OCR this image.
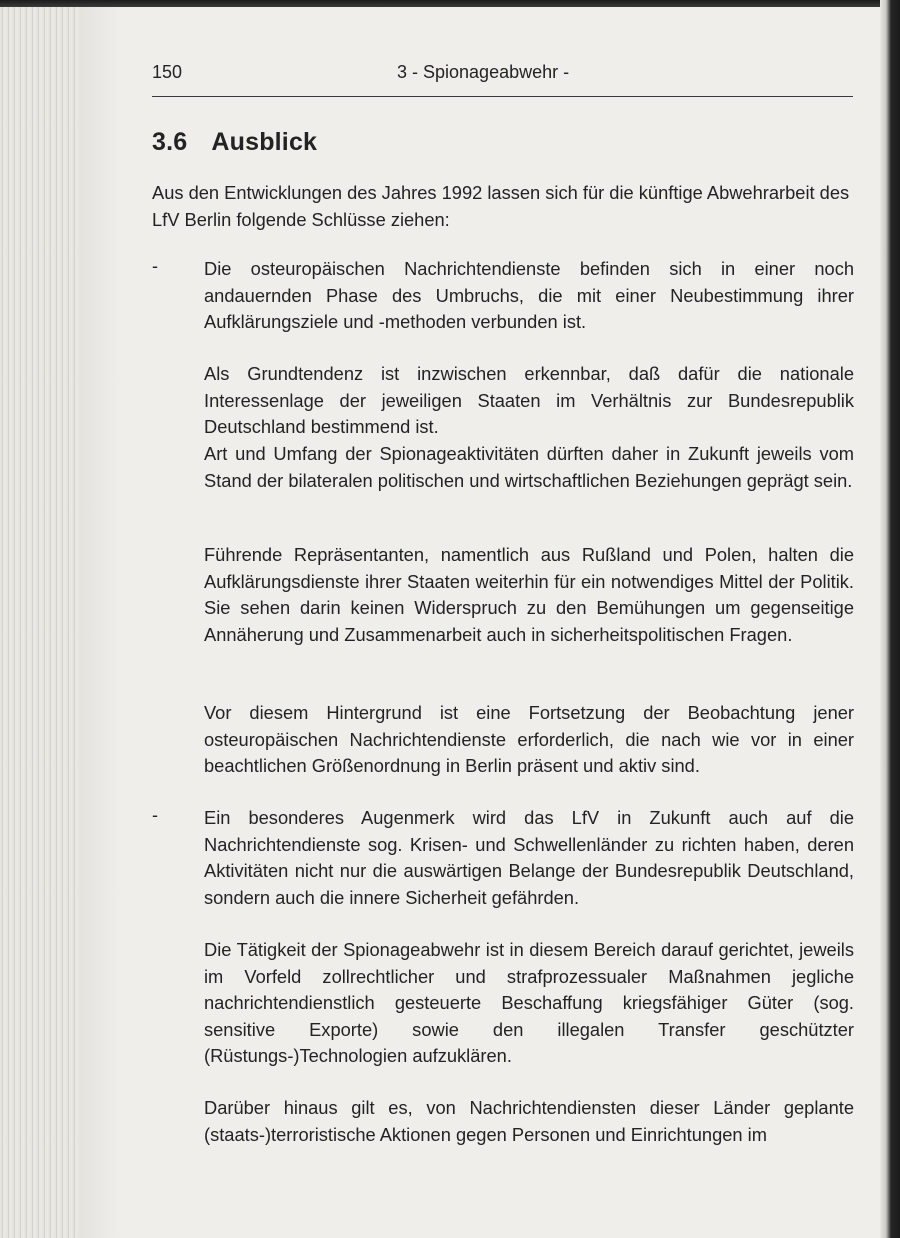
150	3 - Spionageabwehr -
3.6 Ausblick

Aus den Entwicklungen des Jahres 1992 lassen sich für die künftige Abwehrarbeit des LfV Berlin folgende Schlüsse ziehen:

-	Die osteuropäischen Nachrichtendienste befinden sich in einer noch andauernden Phase des Umbruchs, die mit einer Neubestimmung ihrer Aufklärungsziele und -methoden verbunden ist.

Als Grundtendenz ist inzwischen erkennbar, daß dafür die nationale Interessenlage der jeweiligen Staaten im Verhältnis zur Bundesrepublik Deutschland bestimmend ist.

Art und Umfang der Spionageaktivitäten dürften daher in Zukunft jeweils vom Stand der bilateralen politischen und wirtschaftlichen Beziehungen geprägt sein.

Führende Repräsentanten, namentlich aus Rußland und Polen, halten die Aufklärungsdienste ihrer Staaten weiterhin für ein notwendiges Mittel der Politik. Sie sehen darin keinen Widerspruch zu den Bemühungen um gegenseitige Annäherung und Zusammenarbeit auch in sicherheitspolitischen Fragen.

Vor diesem Hintergrund ist eine Fortsetzung der Beobachtung jener osteuropäischen Nachrichtendienste erforderlich, die nach wie vor in einer beachtlichen Größenordnung in Berlin präsent und aktiv sind.

-	Ein besonderes Augenmerk wird das LfV in Zukunft auch auf die Nachrichtendienste sog. Krisen- und Schwellenländer zu richten haben, deren Aktivitäten nicht nur die auswärtigen Belange der Bundesrepublik Deutschland, sondern auch die innere Sicherheit gefährden.

Die Tätigkeit der Spionageabwehr ist in diesem Bereich darauf gerichtet, jeweils im Vorfeld zollrechtlicher und strafprozessualer Maßnahmen jegliche nachrichtendienstlich gesteuerte Beschaffung kriegsfähiger Güter (sog. sensitive Exporte) sowie den illegalen Transfer geschützter (Rüstungs-)Technologien aufzuklären.

Darüber hinaus gilt es, von Nachrichtendiensten dieser Länder geplante (staats-)terroristische Aktionen gegen Personen und Einrichtungen im
